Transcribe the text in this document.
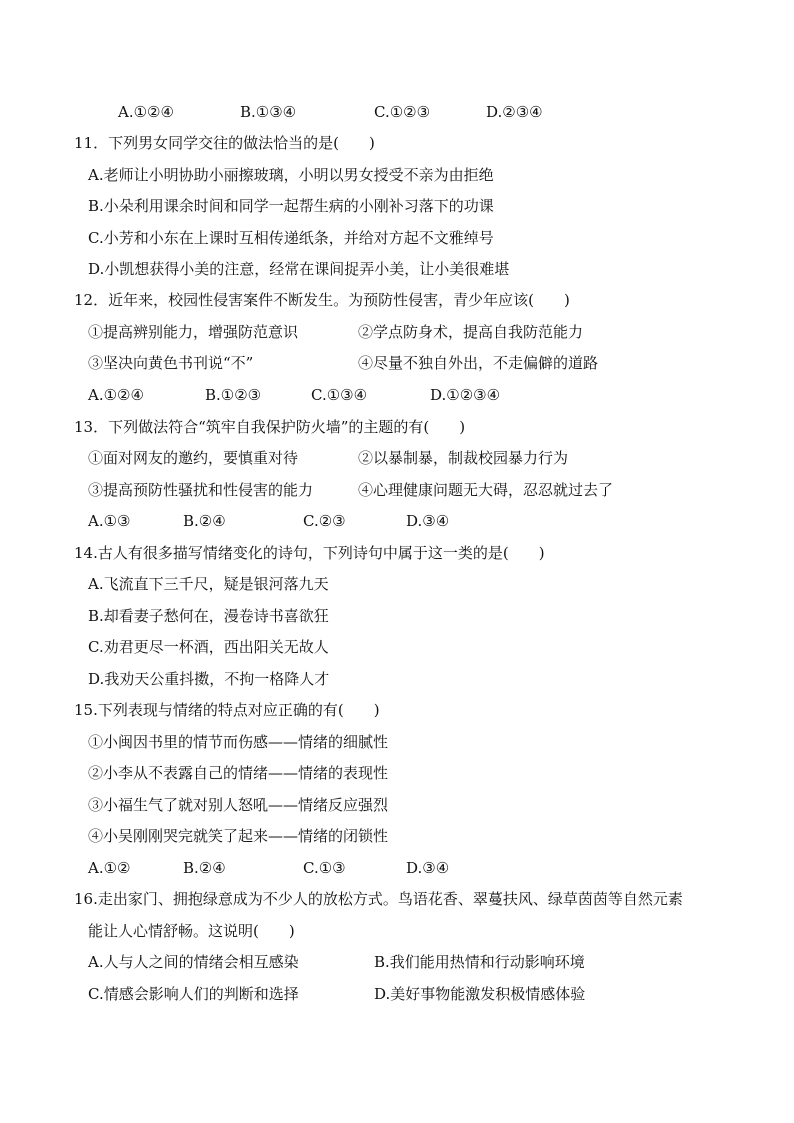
A.①②④	B.①③④	C.①②③	D.②③④
11．下列男女同学交往的做法恰当的是(　　)
A.老师让小明协助小丽擦玻璃，小明以男女授受不亲为由拒绝
B.小朵利用课余时间和同学一起帮生病的小刚补习落下的功课
C.小芳和小东在上课时互相传递纸条，并给对方起不文雅绰号
D.小凯想获得小美的注意，经常在课间捉弄小美，让小美很难堪
12．近年来，校园性侵害案件不断发生。为预防性侵害，青少年应该(　　)
①提高辨别能力，增强防范意识	②学点防身术，提高自我防范能力
③坚决向黄色书刊说“不”	④尽量不独自外出，不走偏僻的道路
A.①②④	B.①②③	C.①③④	D.①②③④
13．下列做法符合“筑牢自我保护防火墙”的主题的有(　　)
①面对网友的邀约，要慎重对待	②以暴制暴，制裁校园暴力行为
③提高预防性骚扰和性侵害的能力	④心理健康问题无大碍，忍忍就过去了
A.①③	B.②④	C.②③	D.③④
14.古人有很多描写情绪变化的诗句，下列诗句中属于这一类的是(　　)
A.飞流直下三千尺，疑是银河落九天
B.却看妻子愁何在，漫卷诗书喜欲狂
C.劝君更尽一杯酒，西出阳关无故人
D.我劝天公重抖擞，不拘一格降人才
15.下列表现与情绪的特点对应正确的有(　　)
①小闽因书里的情节而伤感——情绪的细腻性
②小李从不表露自己的情绪——情绪的表现性
③小福生气了就对别人怒吼——情绪反应强烈
④小吴刚刚哭完就笑了起来——情绪的闭锁性
A.①②	B.②④	C.①③	D.③④
16.走出家门、拥抱绿意成为不少人的放松方式。鸟语花香、翠蔓扶风、绿草茵茵等自然元素
能让人心情舒畅。这说明(　　)
A.人与人之间的情绪会相互感染	B.我们能用热情和行动影响环境
C.情感会影响人们的判断和选择	D.美好事物能激发积极情感体验
